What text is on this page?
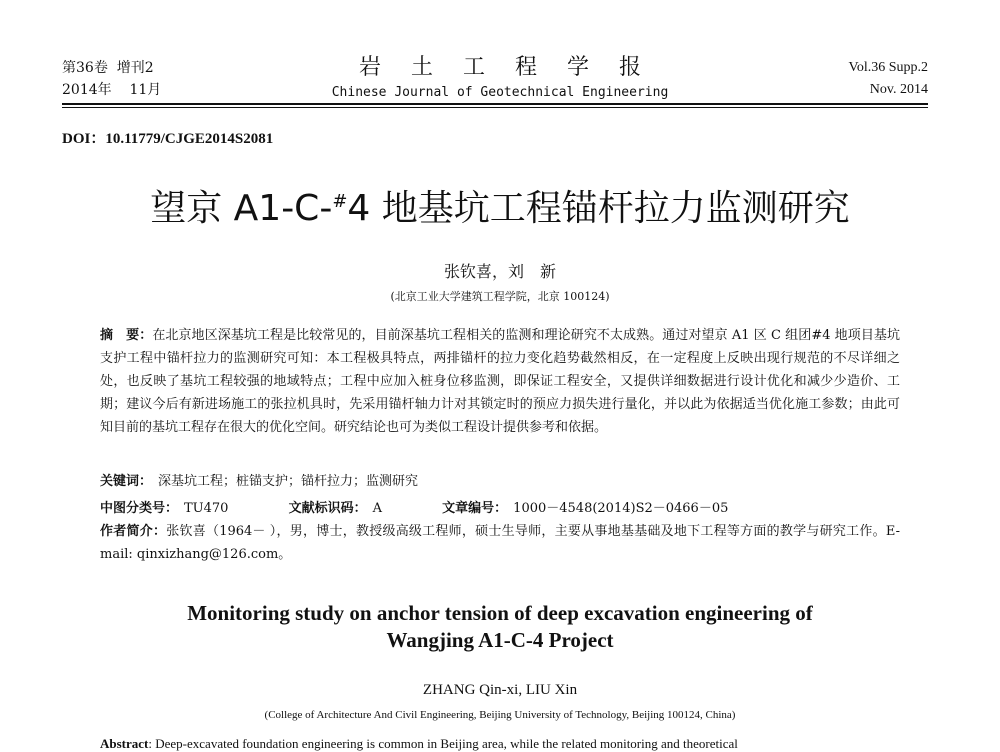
第36卷 增刊2
2014年 11月
岩土工程学报
Chinese Journal of Geotechnical Engineering
Vol.36 Supp.2
Nov. 2014
DOI：10.11779/CJGE2014S2081
望京 A1-C-#4 地基坑工程锚杆拉力监测研究
张钦喜，刘　新
(北京工业大学建筑工程学院，北京 100124)
摘　要：在北京地区深基坑工程是比较常见的，目前深基坑工程相关的监测和理论研究不太成熟。通过对望京 A1 区 C 组团#4 地项目基坑支护工程中锚杆拉力的监测研究可知：本工程极具特点，两排锚杆的拉力变化趋势截然相反，在一定程度上反映出现行规范的不尽详细之处，也反映了基坑工程较强的地域特点；工程中应加入桩身位移监测，即保证工程安全，又提供详细数据进行设计优化和减少少造价、工期；建议今后有新进场施工的张拉机具时，先采用锚杆轴力计对其锁定时的预应力损失进行量化，并以此为依据适当优化施工参数；由此可知目前的基坑工程存在很大的优化空间。研究结论也可为类似工程设计提供参考和依据。
关键词： 深基坑工程；桩锚支护；锚杆拉力；监测研究
中图分类号： TU470	文献标识码： A	文章编号： 1000－4548(2014)S2－0466－05
作者简介：张钦喜（1964－ ），男，博士，教授级高级工程师，硕士生导师，主要从事地基基础及地下工程等方面的教学与研究工作。E-mail: qinxizhang@126.com。
Monitoring study on anchor tension of deep excavation engineering of
Wangjing A1-C-4 Project
ZHANG Qin-xi, LIU Xin
(College of Architecture And Civil Engineering, Beijing University of Technology, Beijing 100124, China)
Abstract: Deep-excavated foundation engineering is common in Beijing area, while the related monitoring and theoretical
